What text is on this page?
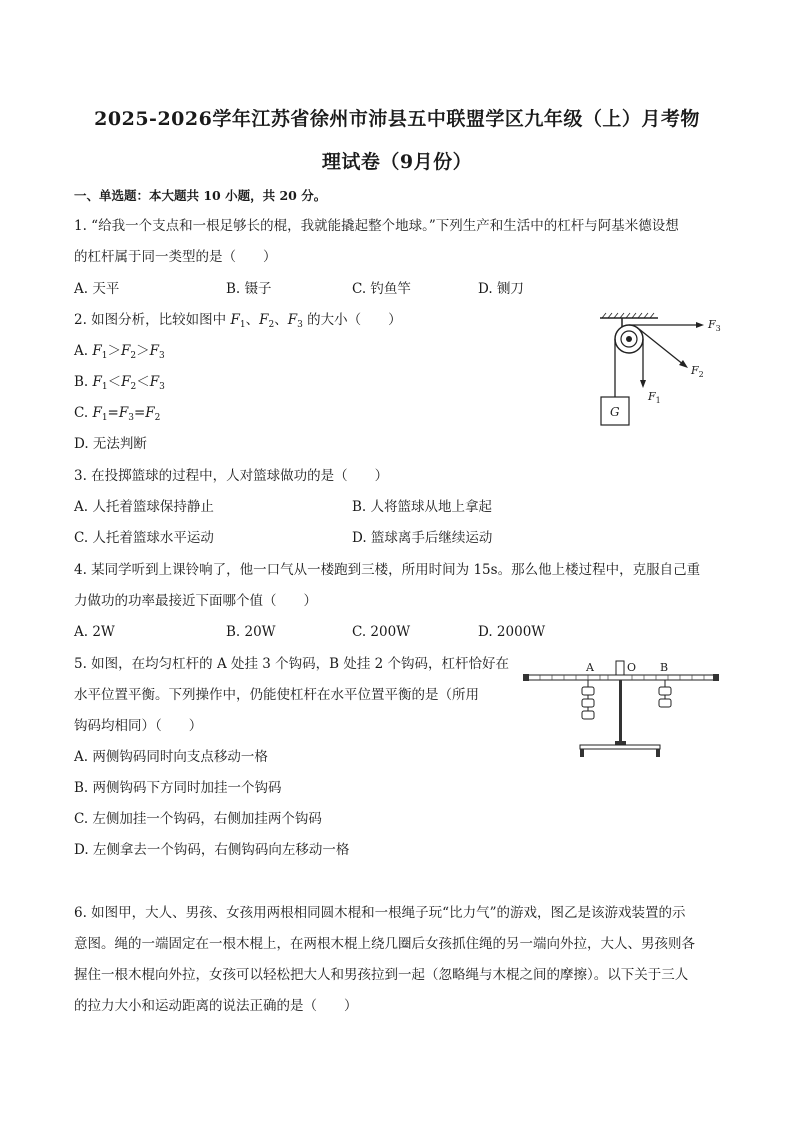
2025-2026学年江苏省徐州市沛县五中联盟学区九年级（上）月考物
理试卷（9月份）
一、单选题：本大题共 10 小题，共 20 分。
1. “给我一个支点和一根足够长的棍，我就能撬起整个地球。”下列生产和生活中的杠杆与阿基米德设想
的杠杆属于同一类型的是（　　）
A. 天平	B. 镊子	C. 钓鱼竿	D. 铡刀
2. 如图分析，比较如图中 $F_1$、$F_2$、$F_3$ 的大小（　　）
A. $F_1>F_2>F_3$
B. $F_1<F_2<F_3$
C. $F_1=F_3=F_2$
D. 无法判断
G
$F_1$
$F_2$
$F_3$
3. 在投掷篮球的过程中，人对篮球做功的是（　　）
A. 人托着篮球保持静止	B. 人将篮球从地上拿起
C. 人托着篮球水平运动	D. 篮球离手后继续运动
4. 某同学听到上课铃响了，他一口气从一楼跑到三楼，所用时间为 15s。那么他上楼过程中，克服自己重
力做功的功率最接近下面哪个值（　　）
A. 2W	B. 20W	C. 200W	D. 2000W
5. 如图，在均匀杠杆的 A 处挂 3 个钩码，B 处挂 2 个钩码，杠杆恰好在
水平位置平衡。下列操作中，仍能使杠杆在水平位置平衡的是（所用
钩码均相同）（　　）
A. 两侧钩码同时向支点移动一格
B. 两侧钩码下方同时加挂一个钩码
C. 左侧加挂一个钩码，右侧加挂两个钩码
D. 左侧拿去一个钩码，右侧钩码向左移动一格
A	O B
6. 如图甲，大人、男孩、女孩用两根相同圆木棍和一根绳子玩“比力气”的游戏，图乙是该游戏装置的示
意图。绳的一端固定在一根木棍上，在两根木棍上绕几圈后女孩抓住绳的另一端向外拉，大人、男孩则各
握住一根木棍向外拉，女孩可以轻松把大人和男孩拉到一起（忽略绳与木棍之间的摩擦）。以下关于三人
的拉力大小和运动距离的说法正确的是（　　）
